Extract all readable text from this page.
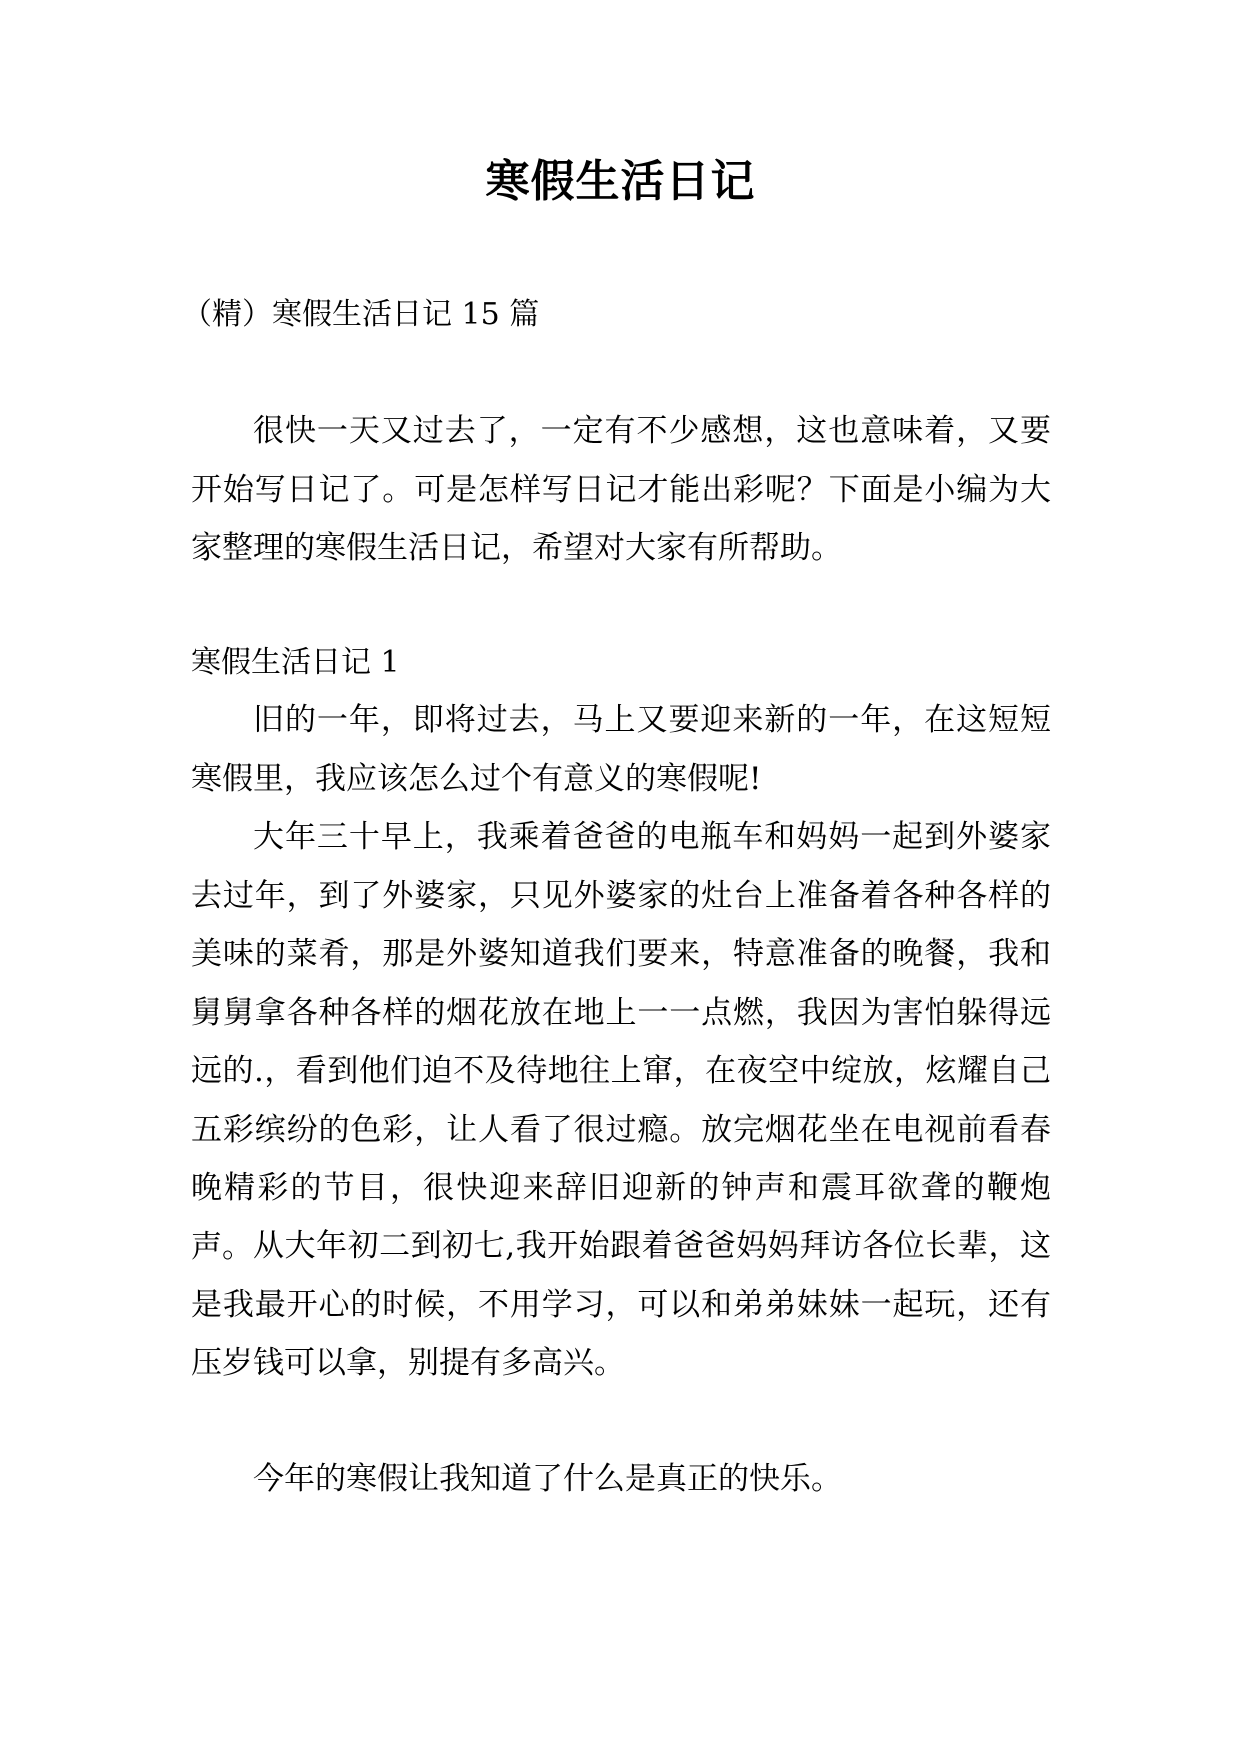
寒假生活日记
（精）寒假生活日记 15 篇

很快一天又过去了，一定有不少感想，这也意味着，又要开始写日记了。可是怎样写日记才能出彩呢？下面是小编为大家整理的寒假生活日记，希望对大家有所帮助。

寒假生活日记 1

旧的一年，即将过去，马上又要迎来新的一年，在这短短寒假里，我应该怎么过个有意义的寒假呢!

大年三十早上，我乘着爸爸的电瓶车和妈妈一起到外婆家去过年，到了外婆家，只见外婆家的灶台上准备着各种各样的美味的菜肴，那是外婆知道我们要来，特意准备的晚餐，我和舅舅拿各种各样的烟花放在地上一一点燃，我因为害怕躲得远远的.，看到他们迫不及待地往上窜，在夜空中绽放，炫耀自己五彩缤纷的色彩，让人看了很过瘾。放完烟花坐在电视前看春晚精彩的节目，很快迎来辞旧迎新的钟声和震耳欲聋的鞭炮声。 从大年初二到初七,我开始跟着爸爸妈妈拜访各位长辈，这是我最开心的时候，不用学习，可以和弟弟妹妹一起玩，还有压岁钱可以拿，别提有多高兴。

今年的寒假让我知道了什么是真正的快乐。
